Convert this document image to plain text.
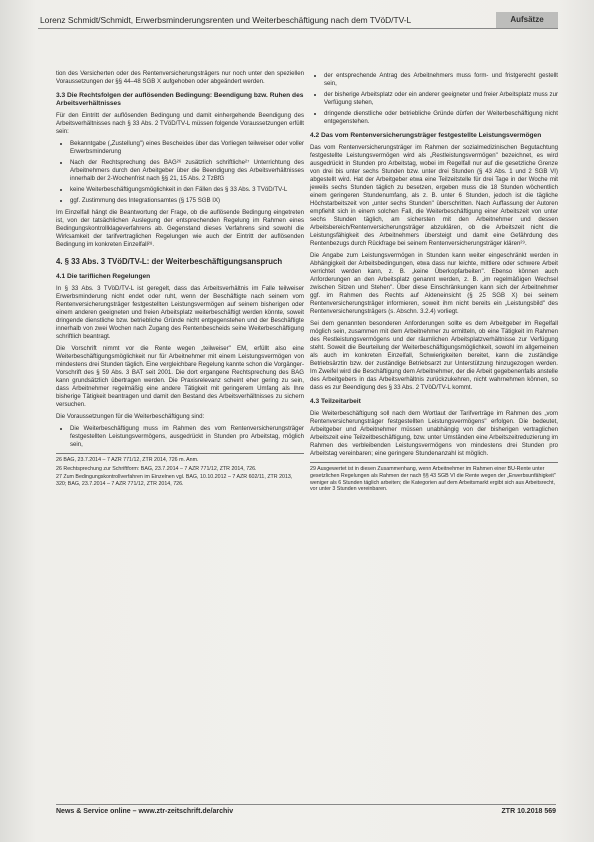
Lorenz Schmidt/Schmidt, Erwerbsminderungsrenten und Weiterbeschäftigung nach dem TVöD/TV-L	Aufsätze

tion des Versicherten oder des Rentenversicherungsträgers nur noch unter den speziellen Voraussetzungen der §§ 44–48 SGB X aufgehoben oder abgeändert werden.

3.3 Die Rechtsfolgen der auflösenden Bedingung: Beendigung bzw. Ruhen des Arbeitsverhältnisses

Für den Eintritt der auflösenden Bedingung und damit einhergehende Beendigung des Arbeitsverhältnisses nach § 33 Abs. 2 TVöD/TV-L müssen folgende Voraussetzungen erfüllt sein:

• Bekanntgabe („Zustellung") eines Bescheides über das Vorliegen teilweiser oder voller Erwerbsminderung
• Nach der Rechtsprechung des BAG²⁶ zusätzlich schriftliche²⁷ Unterrichtung des Arbeitnehmers durch den Arbeitgeber über die Beendigung des Arbeitsverhältnisses innerhalb der 2-Wochenfrist nach §§ 21, 15 Abs. 2 TzBfG
• keine Weiterbeschäftigungsmöglichkeit in den Fällen des § 33 Abs. 3 TVöD/TV-L
• ggf. Zustimmung des Integrationsamtes (§ 175 SGB IX)

Im Einzelfall hängt die Beantwortung der Frage, ob die auflösende Bedingung eingetreten ist, von der tatsächlichen Auslegung der entsprechenden Regelung im Rahmen eines Bedingungskontrollklageverfahrens ab. Gegenstand dieses Verfahrens sind sowohl die Wirksamkeit der tarifvertraglichen Regelungen wie auch der Eintritt der auflösenden Bedingung im konkreten Einzelfall²⁸.

4. § 33 Abs. 3 TVöD/TV-L: der Weiterbeschäftigungsanspruch
4.1 Die tariflichen Regelungen

In § 33 Abs. 3 TVöD/TV-L ist geregelt, dass das Arbeitsverhältnis im Falle teilweiser Erwerbsminderung nicht endet oder ruht, wenn der Beschäftigte nach seinem vom Rentenversicherungsträger festgestellten Leistungsvermögen auf seinem bisherigen oder einem anderen geeigneten und freien Arbeitsplatz weiterbeschäftigt werden könnte, soweit dringende dienstliche bzw. betriebliche Gründe nicht entgegenstehen und der Beschäftigte innerhalb von zwei Wochen nach Zugang des Rentenbescheids seine Weiterbeschäftigung schriftlich beantragt.

Die Vorschrift nimmt vor die Rente wegen „teilweiser" EM, erfüllt also eine Weiterbeschäftigungsmöglichkeit nur für Arbeitnehmer mit einem Leistungsvermögen von mindestens drei Stunden täglich. Eine vergleichbare Regelung kannte schon die Vorgänger-Vorschrift des § 59 Abs. 3 BAT seit 2001. Die dort ergangene Rechtsprechung des BAG kann grundsätzlich übertragen werden. Die Praxisrelevanz scheint eher gering zu sein, dass Arbeitnehmer regelmäßig eine andere Tätigkeit mit geringerem Umfang als Ihre bisherige Tätigkeit beantragen und damit den Bestand des Arbeitsverhältnisses zu sichern versuchen.

Die Voraussetzungen für die Weiterbeschäftigung sind:

• Die Weiterbeschäftigung muss im Rahmen des vom Rentenversicherungsträger festgestellten Leistungsvermögens, ausgedrückt in Stunden pro Arbeitstag, möglich sein,
26 BAG, 23.7.2014 – 7 AZR 771/12, ZTR 2014, 726 m. Anm.
26 Rechtsprechung zur Schriftform: BAG, 23.7.2014 – 7 AZR 771/12, ZTR 2014, 726.
27 Zum Bedingungskontrollverfahren im Einzelnen vgl. BAG, 10.10.2012 – 7 AZR 602/11, ZTR 2013, 320; BAG, 23.7.2014 – 7 AZR 771/12, ZTR 2014, 726.
• der entsprechende Antrag des Arbeitnehmers muss form- und fristgerecht gestellt sein,
• der bisherige Arbeitsplatz oder ein anderer geeigneter und freier Arbeitsplatz muss zur Verfügung stehen,
• dringende dienstliche oder betriebliche Gründe dürfen der Weiterbeschäftigung nicht entgegenstehen.
4.2 Das vom Rentenversicherungsträger festgestellte Leistungsvermögen

Das vom Rentenversicherungsträger im Rahmen der sozialmedizinischen Begutachtung festgestellte Leistungsvermögen wird als „Restleistungsvermögen" bezeichnet, es wird ausgedrückt in Stunden pro Arbeitstag, wobei im Regelfall nur auf die gesetzliche Grenze von drei bis unter sechs Stunden bzw. unter drei Stunden (§ 43 Abs. 1 und 2 SGB VI) abgestellt wird. Hat der Arbeitgeber etwa eine Teilzeitstelle für drei Tage in der Woche mit jeweils sechs Stunden täglich zu besetzen, ergeben muss die 18 Stunden wöchentlich einem geringeren Stundenumfang, als z. B. unter 6 Stunden, jedoch ist die tägliche Höchstarbeitszeit von „unter sechs Stunden" überschritten. Nach Auffassung der Autoren empfiehlt sich in einem solchen Fall, die Weiterbeschäftigung einer Arbeitszeit von unter sechs Stunden täglich, am sichersten mit den Arbeitnehmer und dessen Arbeitsbereich/Rentenversicherungsträger abzuklären, ob die Arbeitszeit nicht die Leistungsfähigkeit des Arbeitnehmers übersteigt und damit eine Gefährdung des Rentenbezugs durch Rückfrage bei seinem Rentenversicherungsträger klären²⁹.

Die Angabe zum Leistungsvermögen in Stunden kann weiter eingeschränkt werden in Abhängigkeit der Arbeitsbedingungen, etwa dass nur leichte, mittlere oder schwere Arbeit verrichtet werden kann, z. B. „keine Überkopfarbeiten". Ebenso können auch Anforderungen an den Arbeitsplatz genannt werden, z. B. „im regelmäßigen Wechsel zwischen Sitzen und Stehen". Über diese Einschränkungen kann sich der Arbeitnehmer ggf. im Rahmen des Rechts auf Akteneinsicht (§ 25 SGB X) bei seinem Rentenversicherungsträger informieren, soweit ihm nicht bereits ein „Leistungsbild" des Rentenversicherungsträgers (s. Abschn. 3.2.4) vorliegt.

Sei dem genannten besonderen Anforderungen sollte es dem Arbeitgeber im Regelfall möglich sein, zusammen mit dem Arbeitnehmer zu ermitteln, ob eine Tätigkeit im Rahmen des Restleistungsvermögens und der räumlichen Arbeitsplatzverhältnisse zur Verfügung steht. Soweit die Beurteilung der Weiterbeschäftigungsmöglichkeit, sowohl im allgemeinen als auch im konkreten Einzelfall, Schwierigkeiten bereitet, kann die zuständige Betriebsärztin bzw. der zuständige Betriebsarzt zur Unterstützung hinzugezogen werden. Im Zweifel wird die Beschäftigung dem Arbeitnehmer, der die Arbeit gegebenenfalls anstelle des Arbeitgebers in das Arbeitsverhältnis zurückzukehren, nicht wahrnehmen können, so dass es zur Beendigung des § 33 Abs. 2 TVöD/TV-L kommt.

4.3 Teilzeitarbeit

Die Weiterbeschäftigung soll nach dem Wortlaut der Tarifverträge im Rahmen des „vom Rentenversicherungsträger festgestellten Leistungsvermögens" erfolgen. Die bedeutet, Arbeitgeber und Arbeitnehmer müssen unabhängig von der bisherigen vertraglichen Arbeitszeit eine Teilzeitbeschäftigung, bzw. unter Umständen eine Arbeitszeitreduzierung im Rahmen des verbleibenden Leistungsvermögens von mindestens drei Stunden pro Arbeitstag vereinbaren; eine geringere Stundenanzahl ist möglich.

29 Ausgewertet ist in diesen Zusammenhang, wenn Arbeitnehmer im Rahmen einer BU-Rente unter gesetzlichen Regelungen als Rahmen der nach §§ 43 SGB VI die Rente wegen der „Erwerbsunfähigkeit" weniger als 6 Stunden täglich arbeiten; die Kategorien auf dem Arbeitsmarkt ergibt sich aus Arbeitsrecht, vor unter 3 Stunden vereinbaren.
News & Service online – www.ztr-zeitschrift.de/archiv	ZTR 10.2018 569
